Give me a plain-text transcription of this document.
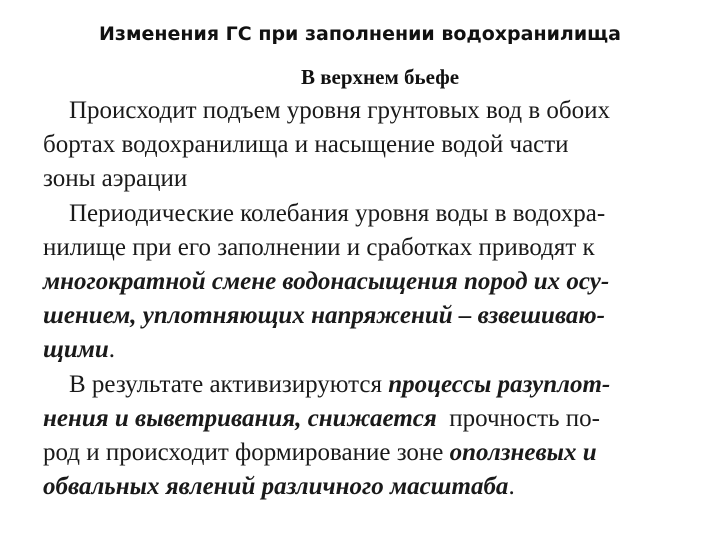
Изменения ГС при заполнении водохранилища
В верхнем бьефе
Происходит подъем уровня грунтовых вод в обоих
бортах водохранилища и насыщение водой части
зоны аэрации
Периодические колебания уровня воды в водохра-
нилище при его заполнении и сработках приводят к
многократной смене водонасыщения пород их осу-
шением, уплотняющих напряжений – взвешиваю-
щими.
В результате активизируются процессы разуплот-
нения и выветривания, снижается  прочность по-
род и происходит формирование зоне оползневых и
обвальных явлений различного масштаба.
